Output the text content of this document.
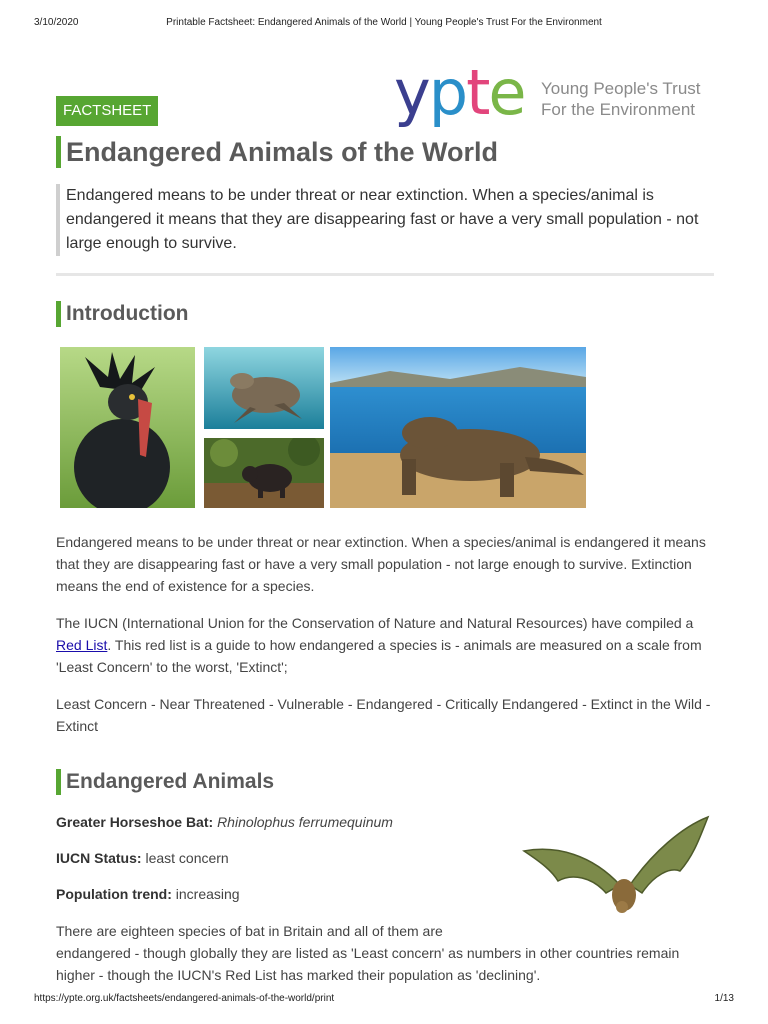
3/10/2020	Printable Factsheet: Endangered Animals of the World | Young People's Trust For the Environment
ypte Young People's Trust
For the Environment
FACTSHEET
Endangered Animals of the World
Endangered means to be under threat or near extinction. When a species/animal is endangered it means that they are disappearing fast or have a very small population - not large enough to survive.
Introduction
Endangered means to be under threat or near extinction. When a species/animal is endangered it means that they are disappearing fast or have a very small population - not large enough to survive. Extinction means the end of existence for a species.
The IUCN (International Union for the Conservation of Nature and Natural Resources) have compiled a Red List. This red list is a guide to how endangered a species is - animals are measured on a scale from 'Least Concern' to the worst, 'Extinct';
Least Concern - Near Threatened - Vulnerable - Endangered - Critically Endangered - Extinct in the Wild - Extinct
Endangered Animals
Greater Horseshoe Bat: Rhinolophus ferrumequinum
IUCN Status: least concern
Population trend: increasing
There are eighteen species of bat in Britain and all of them are endangered - though globally they are listed as 'Least concern' as numbers in other countries remain higher - though the IUCN's Red List has marked their population as 'declining'.
https://ypte.org.uk/factsheets/endangered-animals-of-the-world/print	1/13
